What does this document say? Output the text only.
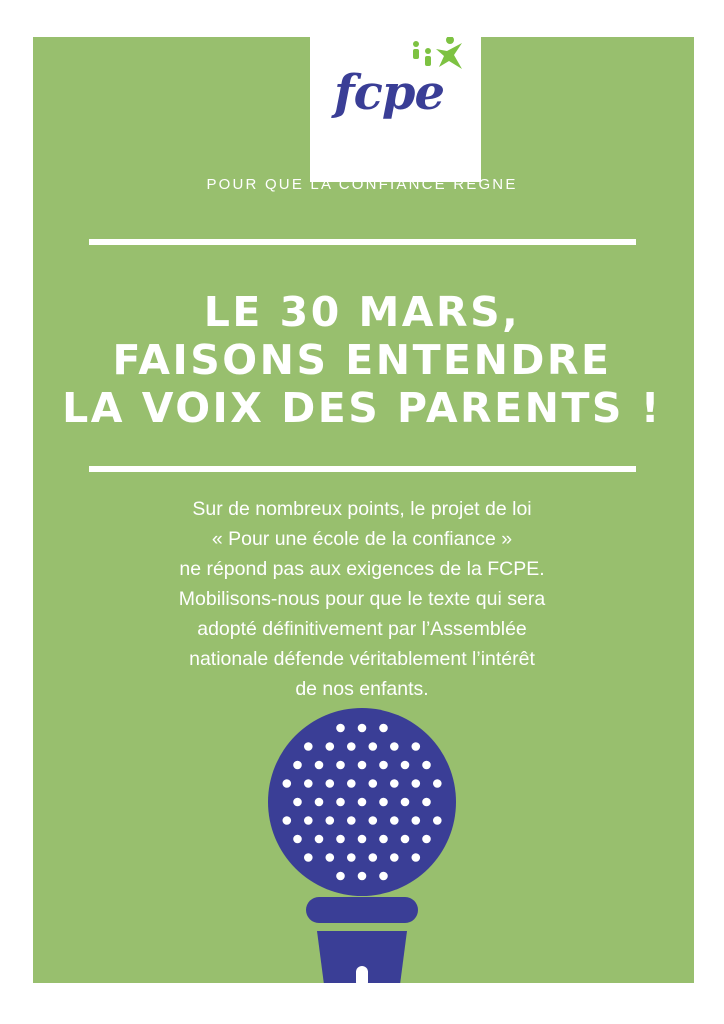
fcpe
POUR QUE LA CONFIANCE RÈGNE
LE 30 MARS,
FAISONS ENTENDRE
LA VOIX DES PARENTS !
Sur de nombreux points, le projet de loi
« Pour une école de la confiance »
ne répond pas aux exigences de la FCPE.
Mobilisons-nous pour que le texte qui sera
adopté définitivement par l’Assemblée
nationale défende véritablement l’intérêt
de nos enfants.
